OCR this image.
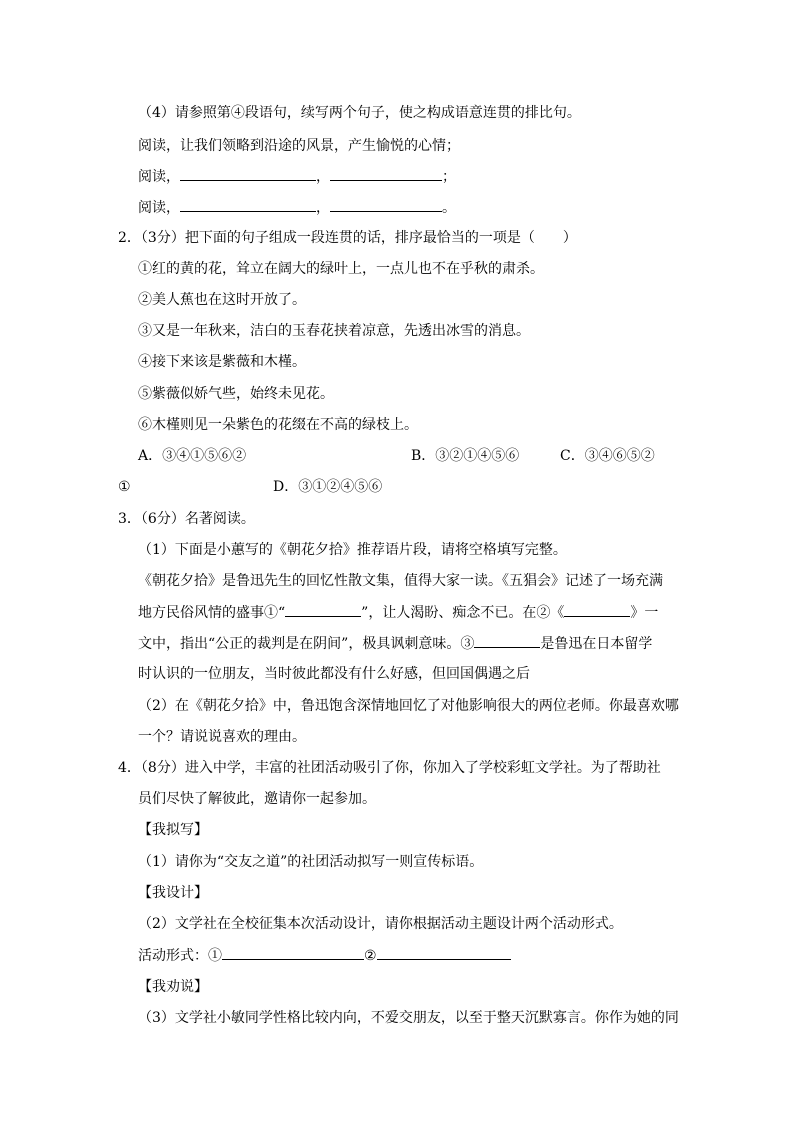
（4）请参照第④段语句，续写两个句子，使之构成语意连贯的排比句。
阅读，让我们领略到沿途的风景，产生愉悦的心情；
阅读，	，	；
阅读，	，	。
2．（3分）把下面的句子组成一段连贯的话，排序最恰当的一项是（　　）
①红的黄的花，耸立在阔大的绿叶上，一点儿也不在乎秋的肃杀。
②美人蕉也在这时开放了。
③又是一年秋来，洁白的玉春花挟着凉意，先透出冰雪的消息。
④接下来该是紫薇和木槿。
⑤紫薇似娇气些，始终未见花。
⑥木槿则见一朵紫色的花缀在不高的绿枝上。
A．③④①⑤⑥②	B．③②①④⑤⑥	C．③④⑥⑤②
①	D．③①②④⑤⑥
3．（6分）名著阅读。
（1）下面是小蕙写的《朝花夕拾》推荐语片段，请将空格填写完整。
《朝花夕拾》是鲁迅先生的回忆性散文集，值得大家一读。《五猖会》记述了一场充满
地方民俗风情的盛事①“	”，让人渴盼、痴念不已。在②《	》一
文中，指出“公正的裁判是在阴间”，极具讽刺意味。③	是鲁迅在日本留学
时认识的一位朋友，当时彼此都没有什么好感，但回国偶遇之后
（2）在《朝花夕拾》中，鲁迅饱含深情地回忆了对他影响很大的两位老师。你最喜欢哪
一个？请说说喜欢的理由。
4．（8分）进入中学，丰富的社团活动吸引了你，你加入了学校彩虹文学社。为了帮助社
员们尽快了解彼此，邀请你一起参加。
【我拟写】
（1）请你为“交友之道”的社团活动拟写一则宣传标语。
【我设计】
（2）文学社在全校征集本次活动设计，请你根据活动主题设计两个活动形式。
活动形式：①	②
【我劝说】
（3）文学社小敏同学性格比较内向，不爱交朋友，以至于整天沉默寡言。你作为她的同
